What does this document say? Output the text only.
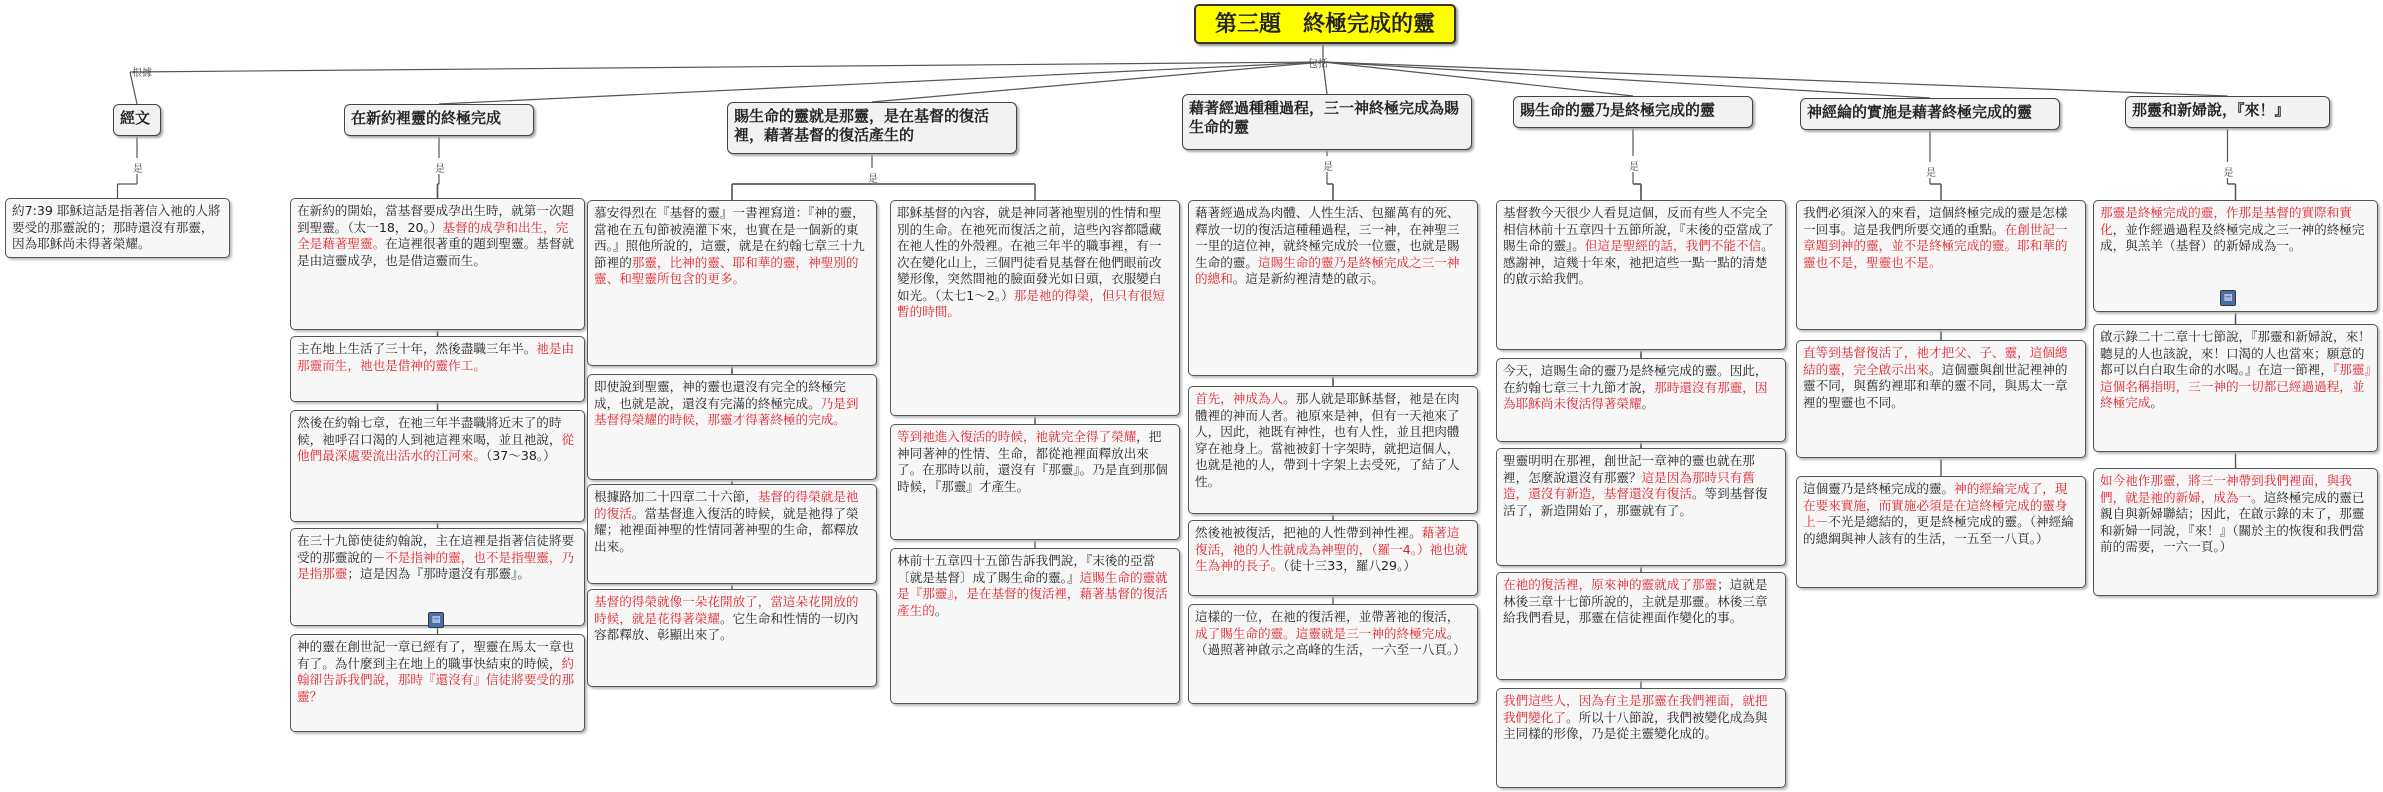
第三題　終極完成的靈
根據
包括
經文
是
約7:39 耶穌這話是指著信入祂的人將要受的那靈說的；那時還沒有那靈，因為耶穌尚未得著榮耀。
在新約裡靈的終極完成
是
在新約的開始，當基督要成孕出生時，就第一次題到聖靈。（太一18，20。）基督的成孕和出生，完全是藉著聖靈。在這裡很著重的題到聖靈。基督就是由這靈成孕，也是借這靈而生。
主在地上生活了三十年，然後盡職三年半。祂是由那靈而生，祂也是借神的靈作工。
然後在約翰七章，在祂三年半盡職將近末了的時候，祂呼召口渴的人到祂這裡來喝，並且祂說，從他們最深處要流出活水的江河來。（37～38。）
在三十九節使徒約翰說，主在這裡是指著信徒將要受的那靈說的－不是指神的靈，也不是指聖靈，乃是指那靈；這是因為『那時還沒有那靈』。
神的靈在創世記一章已經有了，聖靈在馬太一章也有了。為什麼到主在地上的職事快結束的時候，約翰卻告訴我們說，那時『還沒有』信徒將要受的那靈？
賜生命的靈就是那靈，是在基督的復活裡，藉著基督的復活產生的
是
慕安得烈在『基督的靈』一書裡寫道：『神的靈，當祂在五旬節被澆灌下來，也實在是一個新的東西。』照他所說的，這靈，就是在約翰七章三十九節裡的那靈，比神的靈、耶和華的靈，神聖別的靈、和聖靈所包含的更多。
即使說到聖靈，神的靈也還沒有完全的終極完成，也就是說，還沒有完滿的終極完成。乃是到基督得榮耀的時候，那靈才得著終極的完成。
根據路加二十四章二十六節，基督的得榮就是祂的復活。當基督進入復活的時候，就是祂得了榮耀；祂裡面神聖的性情同著神聖的生命，都釋放出來。
基督的得榮就像一朵花開放了，當這朵花開放的時候，就是花得著榮耀。它生命和性情的一切內容都釋放、彰顯出來了。
耶穌基督的內容，就是神同著祂聖別的性情和聖別的生命。在祂死而復活之前，這些內容都隱藏在祂人性的外殼裡。在祂三年半的職事裡，有一次在變化山上，三個門徒看見基督在他們眼前改變形像，突然間祂的臉面發光如日頭，衣服變白如光。（太七1～2。）那是祂的得榮，但只有很短暫的時間。
等到祂進入復活的時候，祂就完全得了榮耀，把神同著神的性情、生命，都從祂裡面釋放出來了。在那時以前，還沒有『那靈』。乃是直到那個時候，『那靈』才產生。
林前十五章四十五節告訴我們說，『末後的亞當〔就是基督〕成了賜生命的靈。』這賜生命的靈就是『那靈』，是在基督的復活裡，藉著基督的復活產生的。
藉著經過種種過程，三一神終極完成為賜生命的靈
是
藉著經過成為肉體、人性生活、包羅萬有的死、釋放一切的復活這種種過程，三一神，在神聖三一里的這位神，就終極完成於一位靈，也就是賜生命的靈。這賜生命的靈乃是終極完成之三一神的總和。這是新約裡清楚的啟示。
首先，神成為人。那人就是耶穌基督，祂是在肉體裡的神而人者。祂原來是神，但有一天祂來了人，因此，祂既有神性，也有人性，並且把肉體穿在祂身上。當祂被釘十字架時，就把這個人，也就是祂的人，帶到十字架上去受死，了結了人性。
然後祂被復活，把祂的人性帶到神性裡。藉著這復活，祂的人性就成為神聖的，（羅一4。）祂也就生為神的長子。（徒十三33，羅八29。）
這樣的一位，在祂的復活裡，並帶著祂的復活，成了賜生命的靈。這靈就是三一神的終極完成。（過照著神啟示之高峰的生活，一六至一八頁。）
賜生命的靈乃是終極完成的靈
是
基督教今天很少人看見這個，反而有些人不完全相信林前十五章四十五節所說，『末後的亞當成了賜生命的靈』。但這是聖經的話，我們不能不信。感謝神，這幾十年來，祂把這些一點一點的清楚的啟示給我們。
今天，這賜生命的靈乃是終極完成的靈。因此，在約翰七章三十九節才說，那時還沒有那靈，因為耶穌尚未復活得著榮耀。
聖靈明明在那裡，創世記一章神的靈也就在那裡，怎麼說還沒有那靈？這是因為那時只有舊造，還沒有新造，基督還沒有復活。等到基督復活了，新造開始了，那靈就有了。
在祂的復活裡，原來神的靈就成了那靈；這就是林後三章十七節所說的，主就是那靈。林後三章給我們看見，那靈在信徒裡面作變化的事。
我們這些人，因為有主是那靈在我們裡面，就把我們變化了。所以十八節說，我們被變化成為與主同樣的形像，乃是從主靈變化成的。
神經綸的實施是藉著終極完成的靈
是
我們必須深入的來看，這個終極完成的靈是怎樣一回事。這是我們所要交通的重點。在創世記一章題到神的靈，並不是終極完成的靈。耶和華的靈也不是，聖靈也不是。
直等到基督復活了，祂才把父、子、靈，這個總結的靈，完全啟示出來。這個靈與創世記裡神的靈不同，與舊約裡耶和華的靈不同，與馬太一章裡的聖靈也不同。
這個靈乃是終極完成的靈。神的經綸完成了，現在要來實施，而實施必須是在這終極完成的靈身上－不光是總結的，更是終極完成的靈。（神經綸的總綱與神人該有的生活，一五至一八頁。）
那靈和新婦說，『來！』
是
那靈是終極完成的靈，作那是基督的實際和實化，並作經過過程及終極完成之三一神的終極完成，與羔羊（基督）的新婦成為一。
啟示錄二十二章十七節說，『那靈和新婦說，來！聽見的人也該說，來！口渴的人也當來；願意的都可以白白取生命的水喝。』在這一節裡，『那靈』這個名稱指明，三一神的一切都已經過過程，並終極完成。
如今祂作那靈，將三一神帶到我們裡面，與我們，就是祂的新婦，成為一。這終極完成的靈已親自與新婦聯結；因此，在啟示錄的末了，那靈和新婦一同說，『來！』（關於主的恢復和我們當前的需要，一六一頁。）
▤
▤
